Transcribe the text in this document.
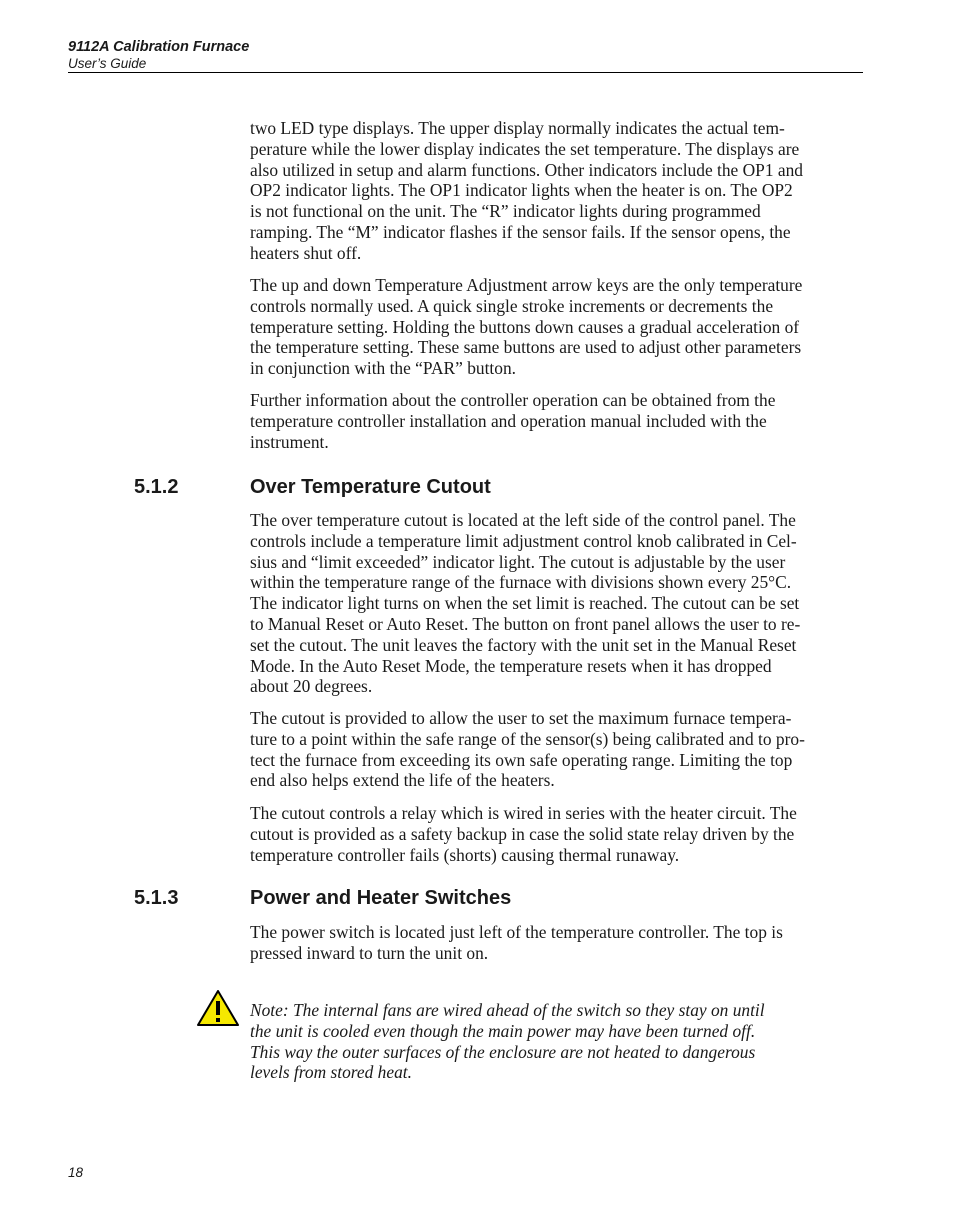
9112A Calibration Furnace
User’s Guide

two LED type displays. The upper display normally indicates the actual tem-
perature while the lower display indicates the set temperature. The displays are
also utilized in setup and alarm functions. Other indicators include the OP1 and
OP2 indicator lights. The OP1 indicator lights when the heater is on. The OP2
is not functional on the unit. The “R” indicator lights during programmed
ramping. The “M” indicator flashes if the sensor fails. If the sensor opens, the
heaters shut off.

The up and down Temperature Adjustment arrow keys are the only temperature
controls normally used. A quick single stroke increments or decrements the
temperature setting. Holding the buttons down causes a gradual acceleration of
the temperature setting. These same buttons are used to adjust other parameters
in conjunction with the “PAR” button.

Further information about the controller operation can be obtained from the
temperature controller installation and operation manual included with the
instrument.

5.1.2	Over Temperature Cutout

The over temperature cutout is located at the left side of the control panel. The
controls include a temperature limit adjustment control knob calibrated in Cel-
sius and “limit exceeded” indicator light. The cutout is adjustable by the user
within the temperature range of the furnace with divisions shown every 25°C.
The indicator light turns on when the set limit is reached. The cutout can be set
to Manual Reset or Auto Reset. The button on front panel allows the user to re-
set the cutout. The unit leaves the factory with the unit set in the Manual Reset
Mode. In the Auto Reset Mode, the temperature resets when it has dropped
about 20 degrees.

The cutout is provided to allow the user to set the maximum furnace tempera-
ture to a point within the safe range of the sensor(s) being calibrated and to pro-
tect the furnace from exceeding its own safe operating range. Limiting the top
end also helps extend the life of the heaters.

The cutout controls a relay which is wired in series with the heater circuit. The
cutout is provided as a safety backup in case the solid state relay driven by the
temperature controller fails (shorts) causing thermal runaway.

5.1.3	Power and Heater Switches

The power switch is located just left of the temperature controller. The top is
pressed inward to turn the unit on.

Note: The internal fans are wired ahead of the switch so they stay on until
the unit is cooled even though the main power may have been turned off.
This way the outer surfaces of the enclosure are not heated to dangerous
levels from stored heat.

18
